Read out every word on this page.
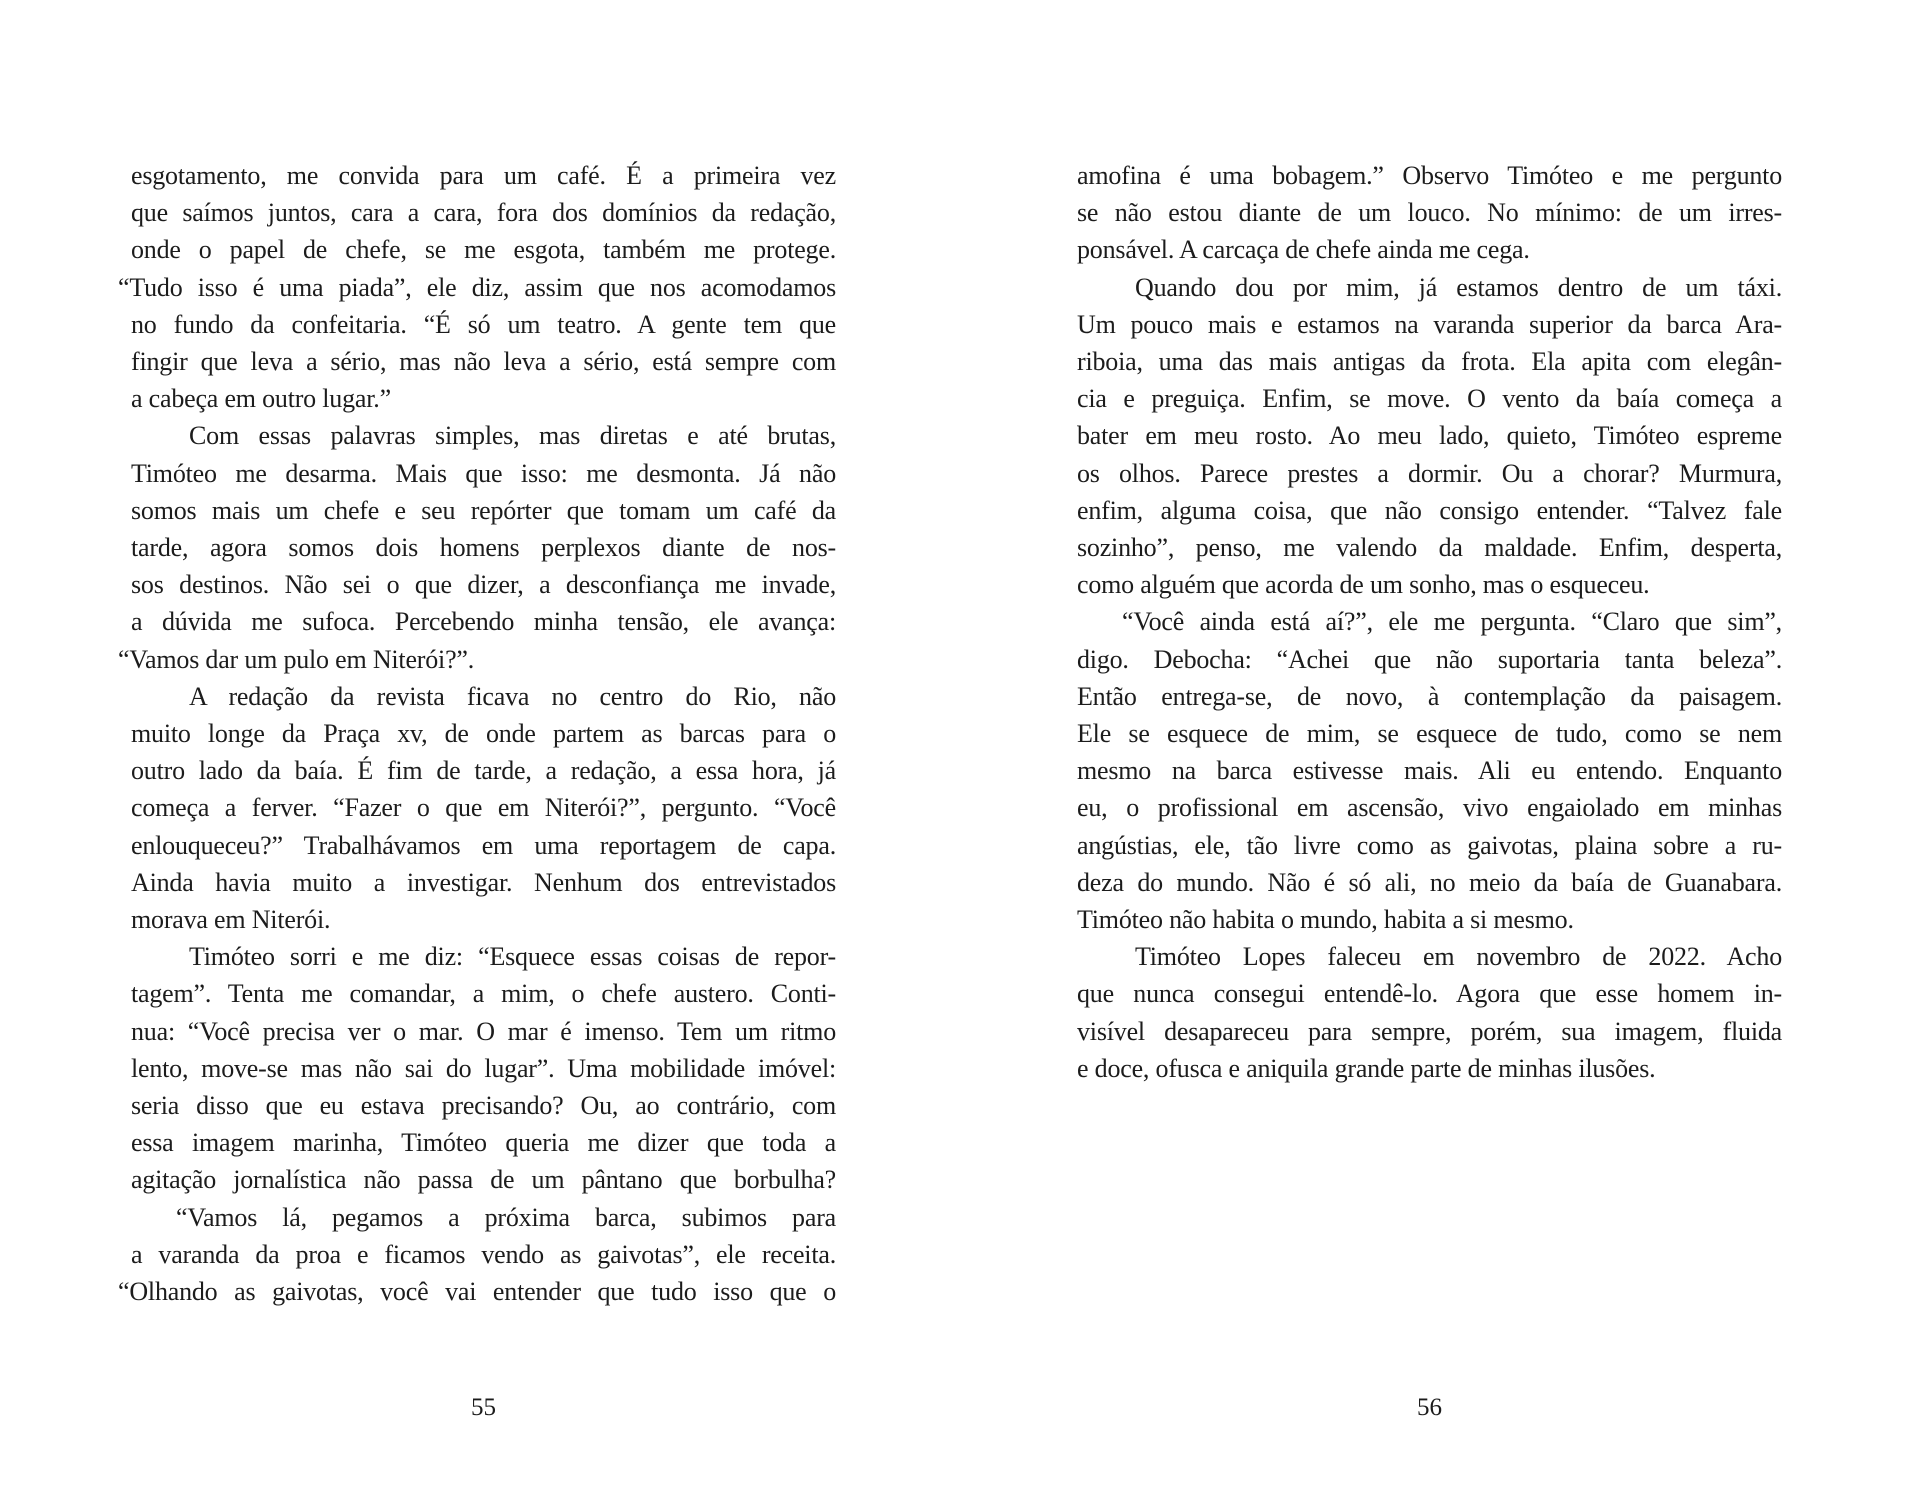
esgotamento, me convida para um café. É a primeira vez
que saímos juntos, cara a cara, fora dos domínios da redação,
onde o papel de chefe, se me esgota, também me protege.
“Tudo isso é uma piada”, ele diz, assim que nos acomodamos
no fundo da confeitaria. “É só um teatro. A gente tem que
fingir que leva a sério, mas não leva a sério, está sempre com
a cabeça em outro lugar.”
Com essas palavras simples, mas diretas e até brutas,
Timóteo me desarma. Mais que isso: me desmonta. Já não
somos mais um chefe e seu repórter que tomam um café da
tarde, agora somos dois homens perplexos diante de nos-
sos destinos. Não sei o que dizer, a desconfiança me invade,
a dúvida me sufoca. Percebendo minha tensão, ele avança:
“Vamos dar um pulo em Niterói?”.
A redação da revista ficava no centro do Rio, não
muito longe da Praça xv, de onde partem as barcas para o
outro lado da baía. É fim de tarde, a redação, a essa hora, já
começa a ferver. “Fazer o que em Niterói?”, pergunto. “Você
enlouqueceu?” Trabalhávamos em uma reportagem de capa.
Ainda havia muito a investigar. Nenhum dos entrevistados
morava em Niterói.
Timóteo sorri e me diz: “Esquece essas coisas de repor-
tagem”. Tenta me comandar, a mim, o chefe austero. Conti-
nua: “Você precisa ver o mar. O mar é imenso. Tem um ritmo
lento, move-se mas não sai do lugar”. Uma mobilidade imóvel:
seria disso que eu estava precisando? Ou, ao contrário, com
essa imagem marinha, Timóteo queria me dizer que toda a
agitação jornalística não passa de um pântano que borbulha?
“Vamos lá, pegamos a próxima barca, subimos para
a varanda da proa e ficamos vendo as gaivotas”, ele receita.
“Olhando as gaivotas, você vai entender que tudo isso que o
amofina é uma bobagem.” Observo Timóteo e me pergunto
se não estou diante de um louco. No mínimo: de um irres-
ponsável. A carcaça de chefe ainda me cega.
Quando dou por mim, já estamos dentro de um táxi.
Um pouco mais e estamos na varanda superior da barca Ara-
riboia, uma das mais antigas da frota. Ela apita com elegân-
cia e preguiça. Enfim, se move. O vento da baía começa a
bater em meu rosto. Ao meu lado, quieto, Timóteo espreme
os olhos. Parece prestes a dormir. Ou a chorar? Murmura,
enfim, alguma coisa, que não consigo entender. “Talvez fale
sozinho”, penso, me valendo da maldade. Enfim, desperta,
como alguém que acorda de um sonho, mas o esqueceu.
“Você ainda está aí?”, ele me pergunta. “Claro que sim”,
digo. Debocha: “Achei que não suportaria tanta beleza”.
Então entrega-se, de novo, à contemplação da paisagem.
Ele se esquece de mim, se esquece de tudo, como se nem
mesmo na barca estivesse mais. Ali eu entendo. Enquanto
eu, o profissional em ascensão, vivo engaiolado em minhas
angústias, ele, tão livre como as gaivotas, plaina sobre a ru-
deza do mundo. Não é só ali, no meio da baía de Guanabara.
Timóteo não habita o mundo, habita a si mesmo.
Timóteo Lopes faleceu em novembro de 2022. Acho
que nunca consegui entendê-lo. Agora que esse homem in-
visível desapareceu para sempre, porém, sua imagem, fluida
e doce, ofusca e aniquila grande parte de minhas ilusões.
55	56
